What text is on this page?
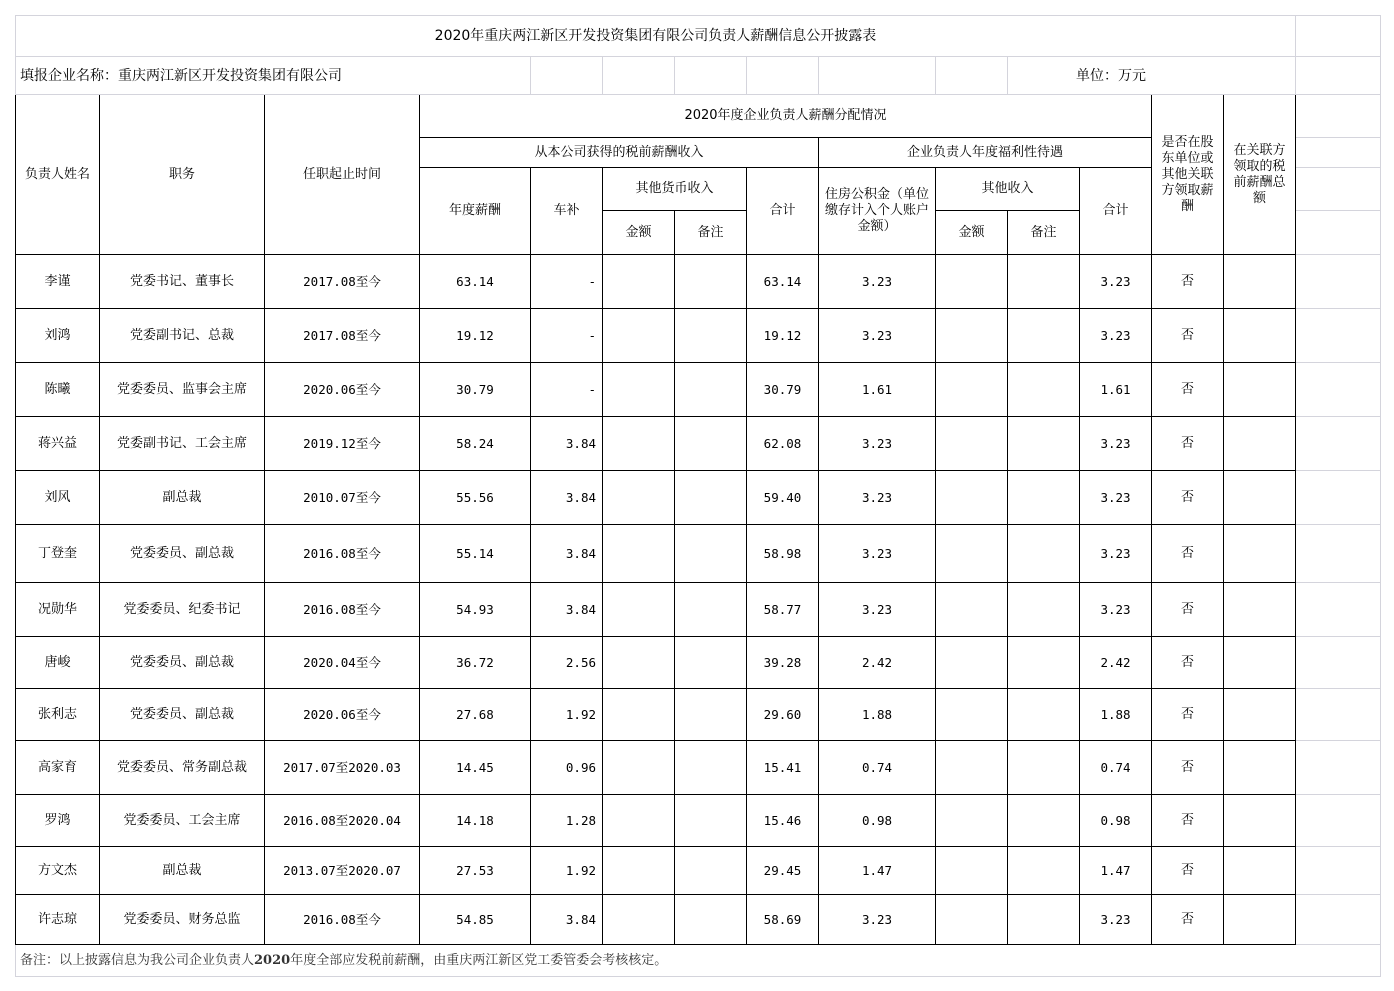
2020年重庆两江新区开发投资集团有限公司负责人薪酬信息公开披露表														
填报企业名称：重庆两江新区开发投资集团有限公司										单位：万元				
负责人姓名	职务	任职起止时间	2020年度企业负责人薪酬分配情况									是否在股东单位或其他关联方领取薪酬	在关联方领取的税前薪酬总额	
			从本公司获得的税前薪酬收入					企业负责人年度福利性待遇						
			年度薪酬	车补	其他货币收入		合计	住房公积金（单位缴存计入个人账户金额）	其他收入		合计			
					金额	备注			金额	备注				
李谨	党委书记、董事长	2017.08至今	63.14	-			63.14	3.23			3.23	否		
刘鸿	党委副书记、总裁	2017.08至今	19.12	-			19.12	3.23			3.23	否		
陈曦	党委委员、监事会主席	2020.06至今	30.79	-			30.79	1.61			1.61	否		
蒋兴益	党委副书记、工会主席	2019.12至今	58.24	3.84			62.08	3.23			3.23	否		
刘风	副总裁	2010.07至今	55.56	3.84			59.40	3.23			3.23	否		
丁登奎	党委委员、副总裁	2016.08至今	55.14	3.84			58.98	3.23			3.23	否		
况勋华	党委委员、纪委书记	2016.08至今	54.93	3.84			58.77	3.23			3.23	否		
唐峻	党委委员、副总裁	2020.04至今	36.72	2.56			39.28	2.42			2.42	否		
张利志	党委委员、副总裁	2020.06至今	27.68	1.92			29.60	1.88			1.88	否		
高家育	党委委员、常务副总裁	2017.07至2020.03	14.45	0.96			15.41	0.74			0.74	否		
罗鸿	党委委员、工会主席	2016.08至2020.04	14.18	1.28			15.46	0.98			0.98	否		
方文杰	副总裁	2013.07至2020.07	27.53	1.92			29.45	1.47			1.47	否		
许志琼	党委委员、财务总监	2016.08至今	54.85	3.84			58.69	3.23			3.23	否		
备注：以上披露信息为我公司企业负责人2020年度全部应发税前薪酬，由重庆两江新区党工委管委会考核核定。														
